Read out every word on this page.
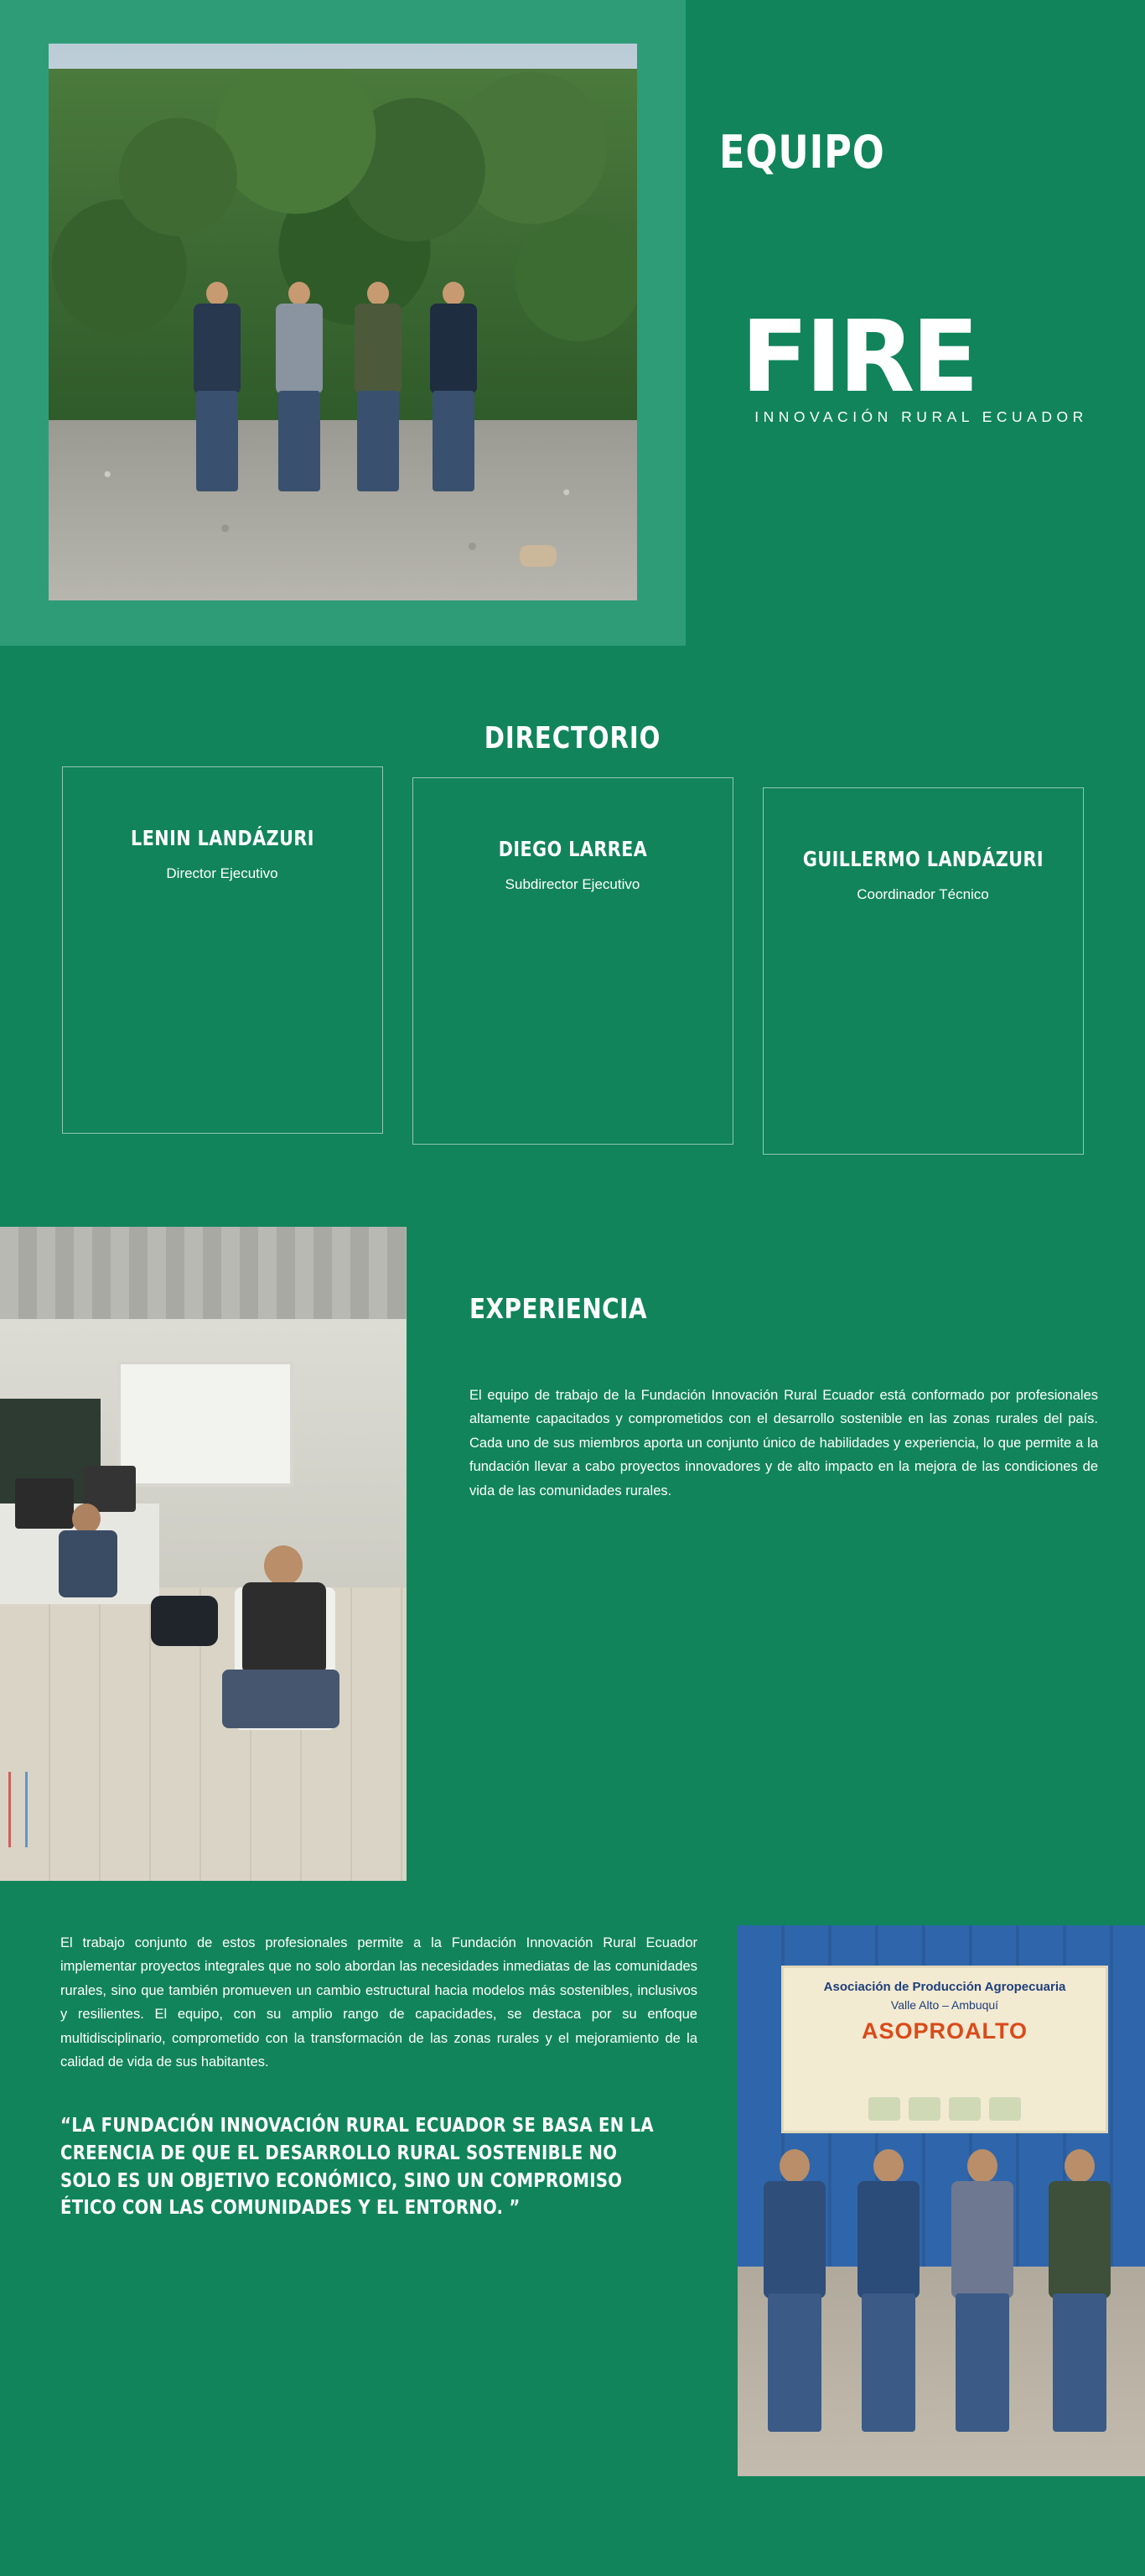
EQUIPO
FIRE
INNOVACIÓN RURAL ECUADOR
DIRECTORIO
LENIN LANDÁZURI
Director Ejecutivo
DIEGO LARREA
Subdirector Ejecutivo
GUILLERMO LANDÁZURI
Coordinador Técnico
EXPERIENCIA

El equipo de trabajo de la Fundación Innovación Rural Ecuador está conformado por profesionales altamente capacitados y comprometidos con el desarrollo sostenible en las zonas rurales del país. Cada uno de sus miembros aporta un conjunto único de habilidades y experiencia, lo que permite a la fundación llevar a cabo proyectos innovadores y de alto impacto en la mejora de las condiciones de vida de las comunidades rurales.

El trabajo conjunto de estos profesionales permite a la Fundación Innovación Rural Ecuador implementar proyectos integrales que no solo abordan las necesidades inmediatas de las comunidades rurales, sino que también promueven un cambio estructural hacia modelos más sostenibles, inclusivos y resilientes. El equipo, con su amplio rango de capacidades, se destaca por su enfoque multidisciplinario, comprometido con la transformación de las zonas rurales y el mejoramiento de la calidad de vida de sus habitantes.

“LA FUNDACIÓN INNOVACIÓN RURAL ECUADOR SE BASA EN LA CREENCIA DE QUE EL DESARROLLO RURAL SOSTENIBLE NO SOLO ES UN OBJETIVO ECONÓMICO, SINO UN COMPROMISO ÉTICO CON LAS COMUNIDADES Y EL ENTORNO. ”

Asociación de Producción Agropecuaria
Valle Alto – Ambuquí
ASOPROALTO
